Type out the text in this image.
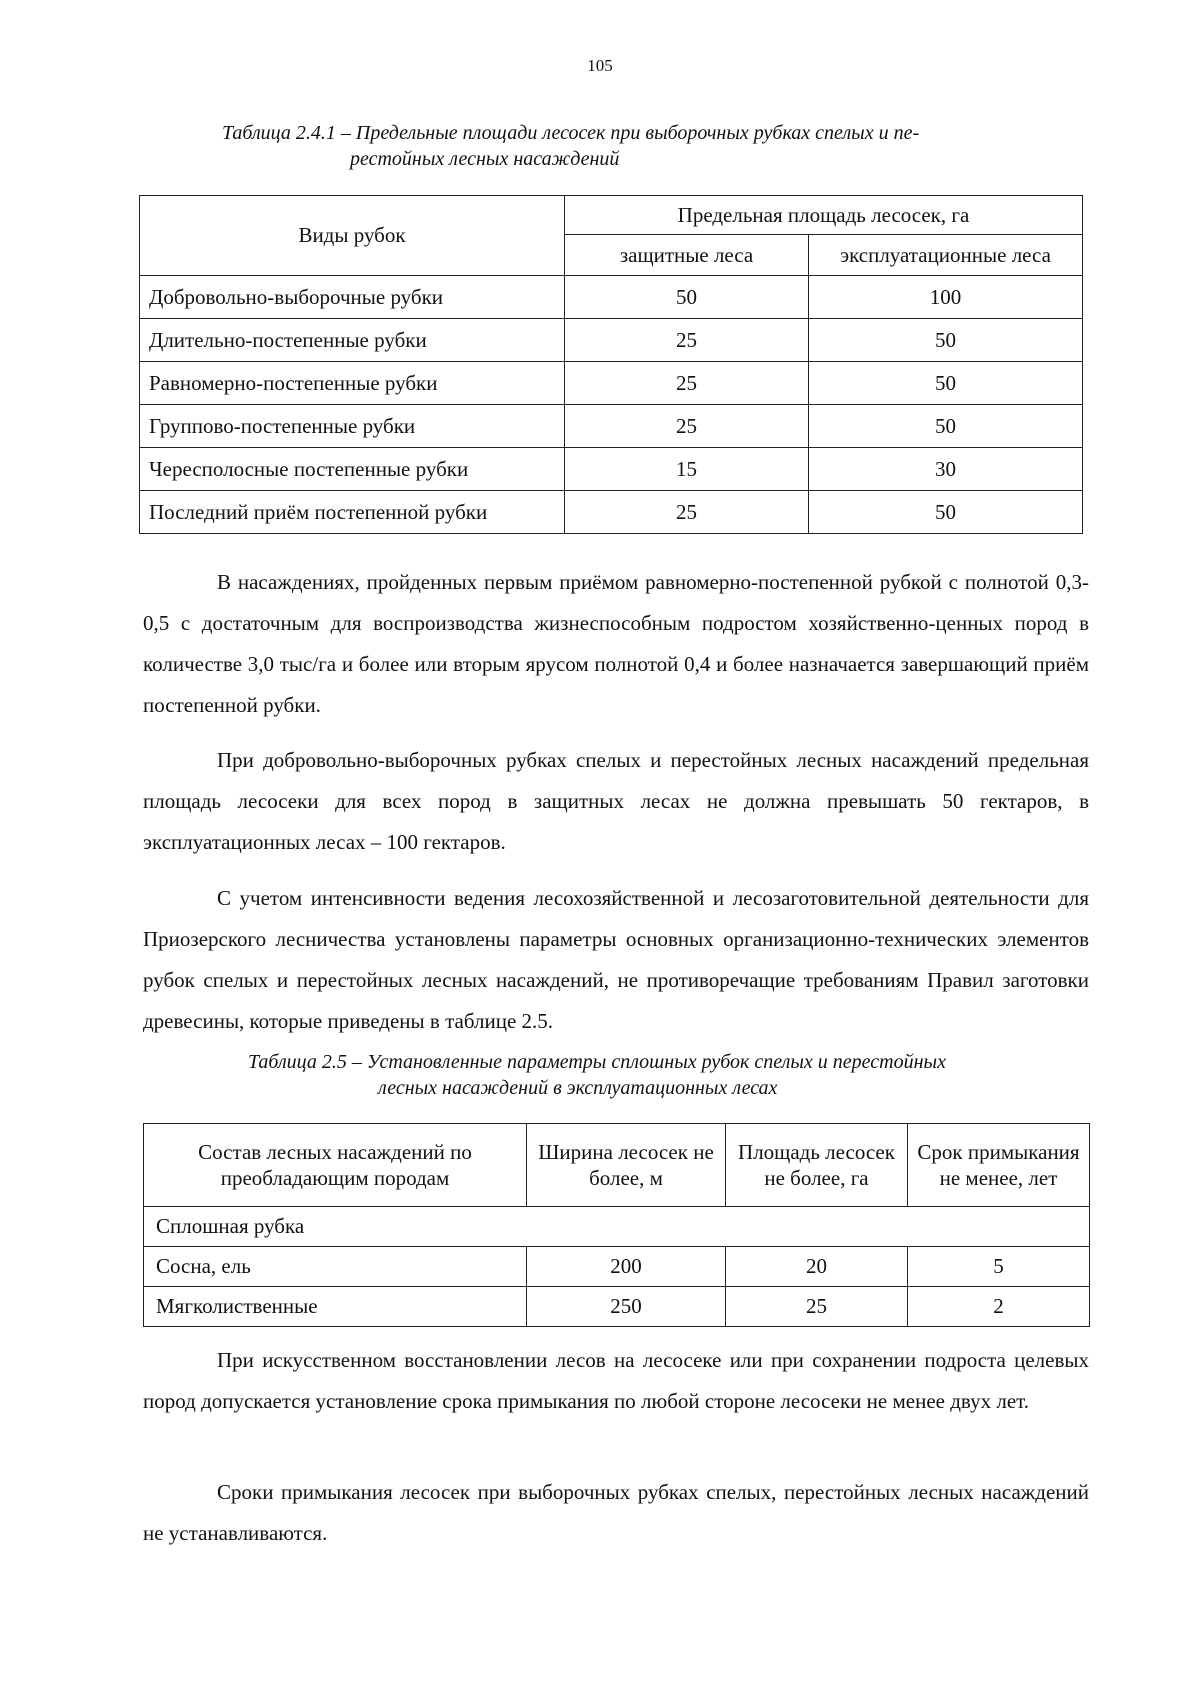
105
Таблица 2.4.1 – Предельные площади лесосек при выборочных рубках спелых и пе-
рестойных лесных насаждений
Виды рубок	Предельная площадь лесосек, га	
	защитные леса	эксплуатационные леса
Добровольно-выборочные рубки	50	100
Длительно-постепенные рубки	25	50
Равномерно-постепенные рубки	25	50
Группово-постепенные рубки	25	50
Чересполосные постепенные рубки	15	30
Последний приём постепенной рубки	25	50

В насаждениях, пройденных первым приёмом равномерно-постепенной рубкой с полнотой 0,3-0,5 с достаточным для воспроизводства жизнеспособным подростом хозяйственно-ценных пород в количестве 3,0 тыс/га и более или вторым ярусом полнотой 0,4 и более назначается завершающий приём постепенной рубки.

При добровольно-выборочных рубках спелых и перестойных лесных насаждений предельная площадь лесосеки для всех пород в защитных лесах не должна превышать 50 гектаров, в эксплуатационных лесах – 100 гектаров.

С учетом интенсивности ведения лесохозяйственной и лесозаготовительной деятельности для Приозерского лесничества установлены параметры основных организационно-технических элементов рубок спелых и перестойных лесных насаждений, не противоречащие требованиям Правил заготовки древесины, которые приведены в таблице 2.5.

Таблица 2.5 – Установленные параметры сплошных рубок спелых и перестойных
лесных насаждений в эксплуатационных лесах
Состав лесных насаждений по преобладающим породам	Ширина лесосек не более, м	Площадь лесосек не более, га	Срок примыкания не менее, лет
Сплошная рубка			
Сосна, ель	200	20	5
Мягколиственные	250	25	2

При искусственном восстановлении лесов на лесосеке или при сохранении подроста целевых пород допускается установление срока примыкания по любой стороне лесосеки не менее двух лет.

Сроки примыкания лесосек при выборочных рубках спелых, перестойных лесных насаждений не устанавливаются.
